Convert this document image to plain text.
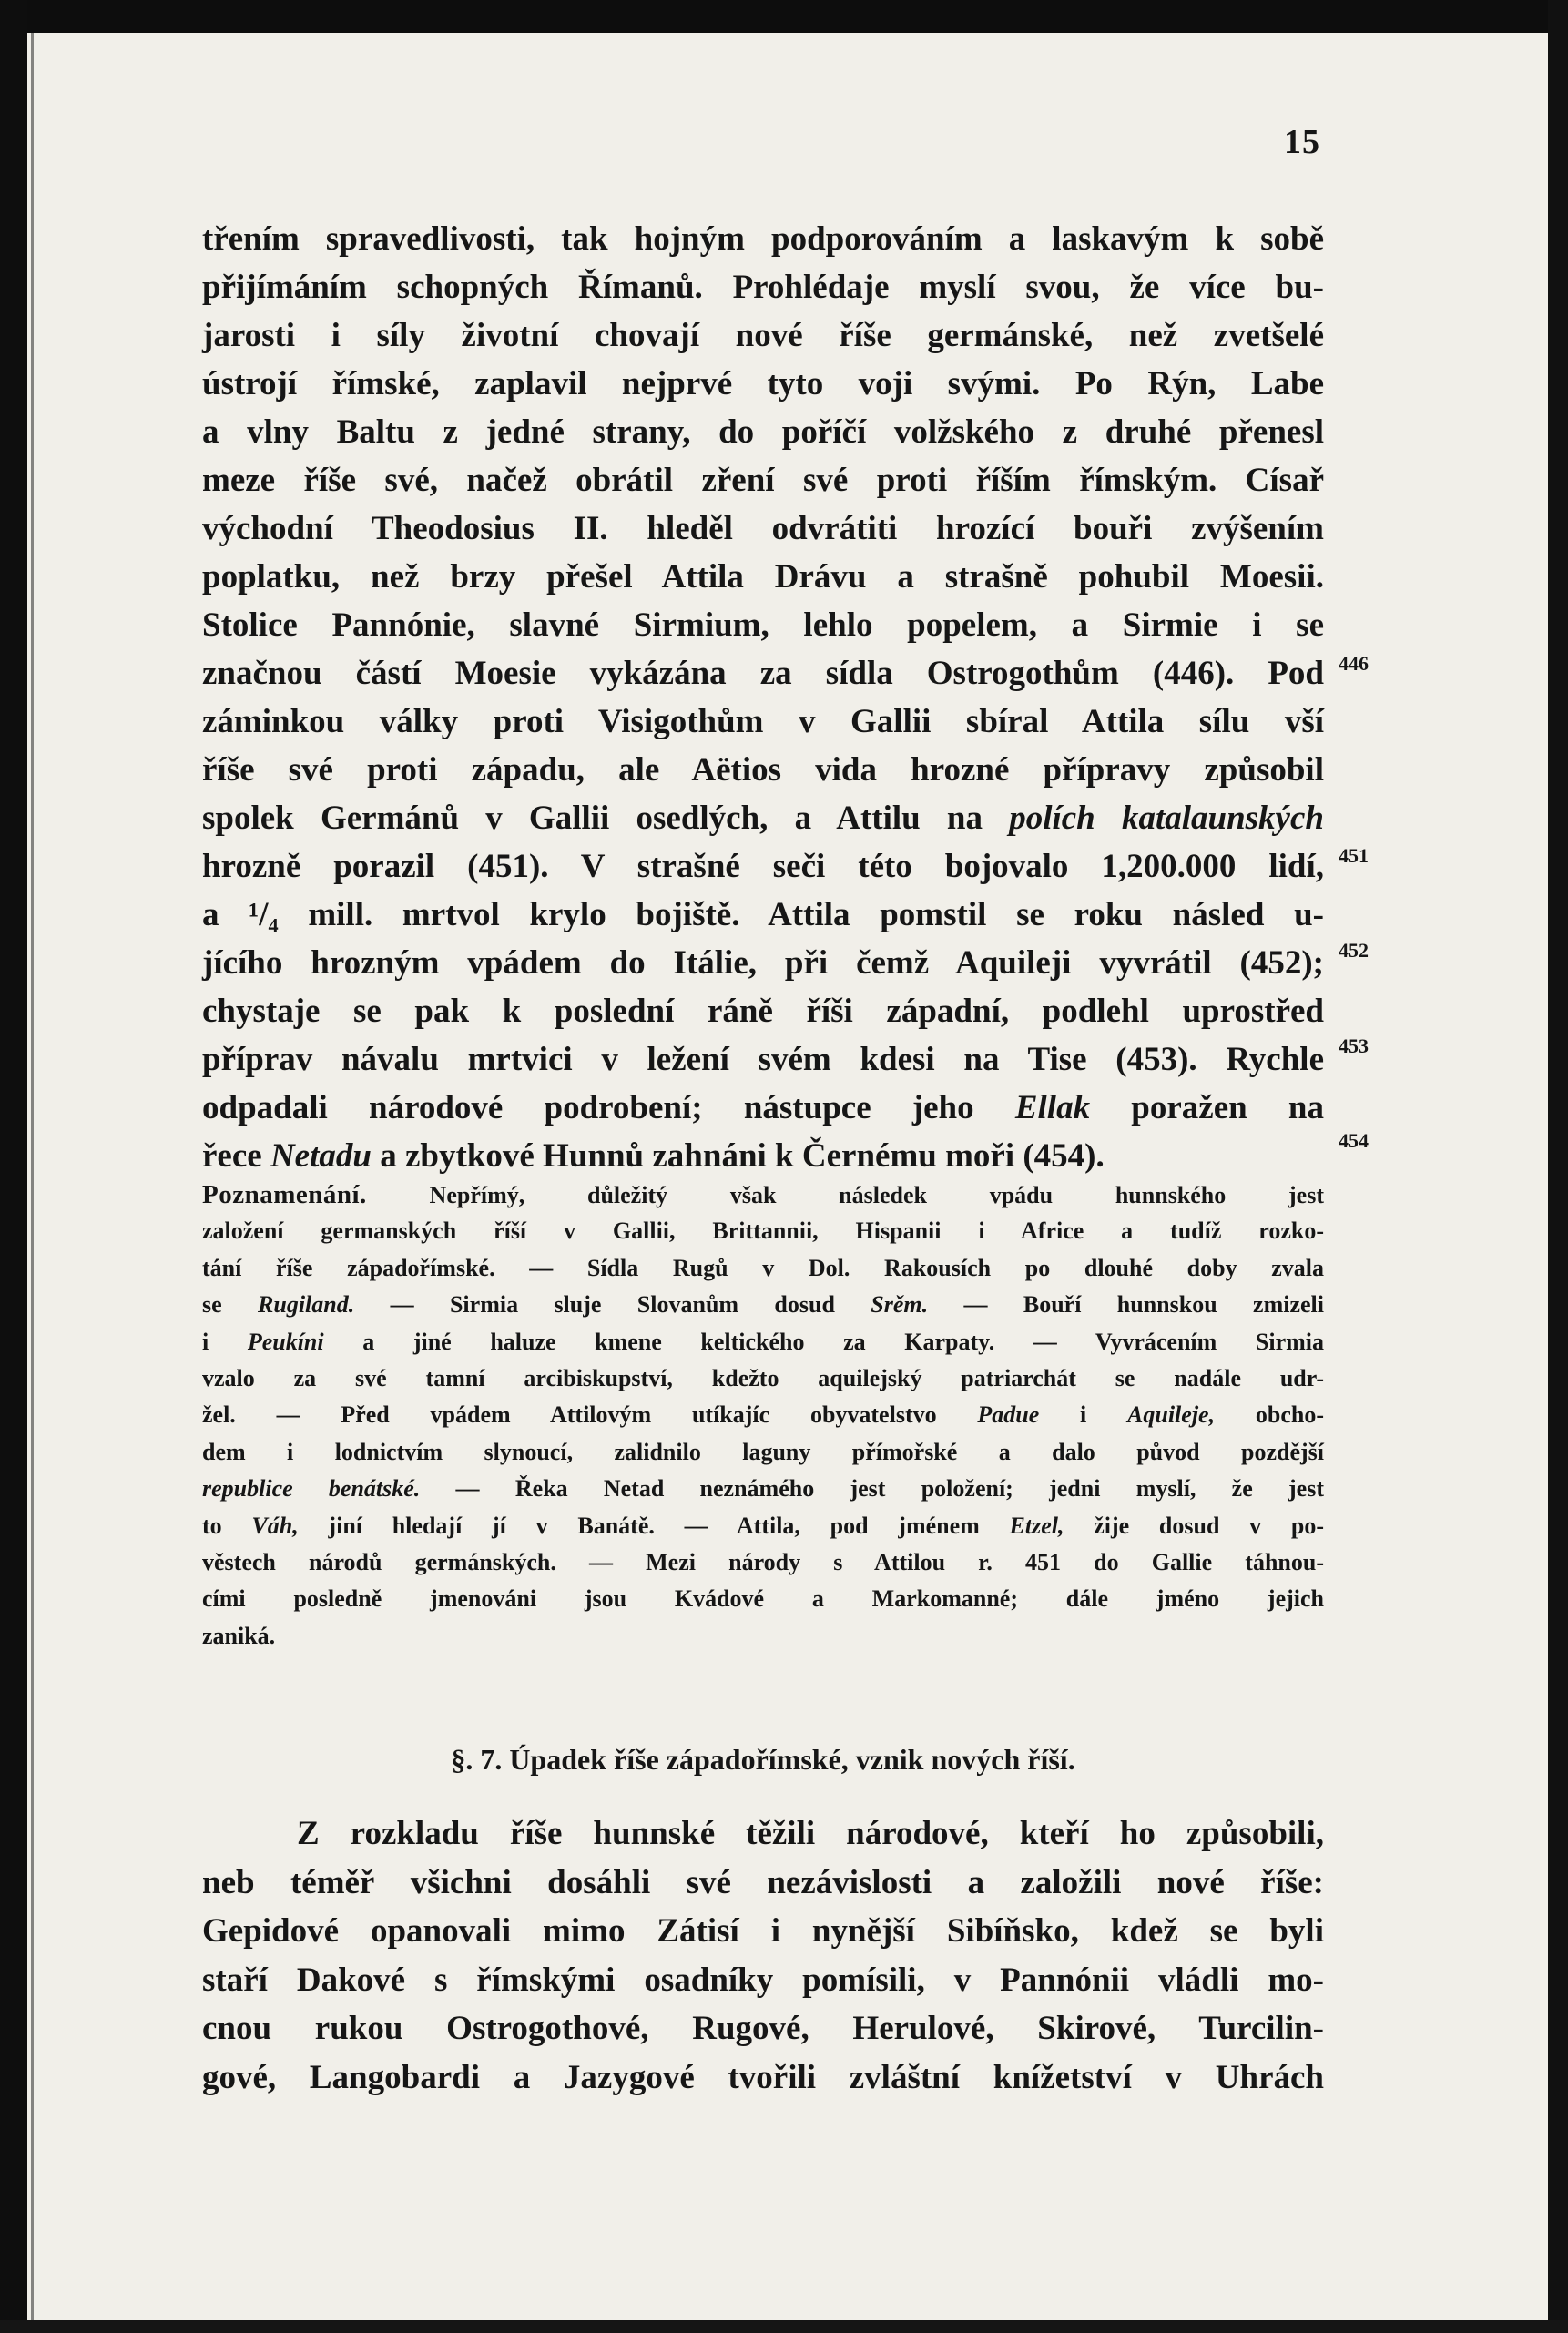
15
třením spravedlivosti, tak hojným podporováním a laskavým k sobě
přijímáním schopných Římanů. Prohlédaje myslí svou, že více bu-
jarosti i síly životní chovají nové říše germánské, než zvetšelé
ústrojí římské, zaplavil nejprvé tyto voji svými. Po Rýn, Labe
a vlny Baltu z jedné strany, do poříčí volžského z druhé přenesl
meze říše své, načež obrátil zření své proti říším římským. Císař
východní Theodosius II. hleděl odvrátiti hrozící bouři zvýšením
poplatku, než brzy přešel Attila Drávu a strašně pohubil Moesii.
Stolice Pannónie, slavné Sirmium, lehlo popelem, a Sirmie i se
značnou částí Moesie vykázána za sídla Ostrogothům (446). Pod
záminkou války proti Visigothům v Gallii sbíral Attila sílu vší
říše své proti západu, ale Aëtios vida hrozné přípravy způsobil
spolek Germánů v Gallii osedlých, a Attilu na polích katalaunských
hrozně porazil (451). V strašné seči této bojovalo 1,200.000 lidí,
a ¹/₄ mill. mrtvol krylo bojiště. Attila pomstil se roku násled u-
jícího hrozným vpádem do Itálie, při čemž Aquileji vyvrátil (452);
chystaje se pak k poslední ráně říši západní, podlehl uprostřed
příprav návalu mrtvici v ležení svém kdesi na Tise (453). Rychle
odpadali národové podrobení; nástupce jeho Ellak poražen na
řece Netadu a zbytkové Hunnů zahnáni k Černému moři (454).
446
451
452
453
454
Poznamenání. Nepřímý, důležitý však následek vpádu hunnského jest
založení germanských říší v Gallii, Brittannii, Hispanii i Africe a tudíž rozko-
tání říše západořímské. — Sídla Rugů v Dol. Rakousích po dlouhé doby zvala
se Rugiland. — Sirmia sluje Slovanům dosud Srěm. — Bouří hunnskou zmizeli
i Peukíni a jiné haluze kmene keltického za Karpaty. — Vyvrácením Sirmia
vzalo za své tamní arcibiskupství, kdežto aquilejský patriarchát se nadále udr-
žel. — Před vpádem Attilovým utíkajíc obyvatelstvo Padue i Aquileje, obcho-
dem i lodnictvím slynoucí, zalidnilo laguny přímořské a dalo původ pozdější
republice benátské. — Řeka Netad neznámého jest položení; jedni myslí, že jest
to Váh, jiní hledají jí v Banátě. — Attila, pod jménem Etzel, žije dosud v po-
věstech národů germánských. — Mezi národy s Attilou r. 451 do Gallie táhnou-
cími posledně jmenováni jsou Kvádové a Markomanné; dále jméno jejich
zaniká.
§. 7. Úpadek říše západořímské, vznik nových říší.
Z rozkladu říše hunnské těžili národové, kteří ho způsobili,
neb téměř všichni dosáhli své nezávislosti a založili nové říše:
Gepidové opanovali mimo Zátisí i nynější Sibíňsko, kdež se byli
staří Dakové s římskými osadníky pomísili, v Pannónii vládli mo-
cnou rukou Ostrogothové, Rugové, Herulové, Skirové, Turcilin-
gové, Langobardi a Jazygové tvořili zvláštní knížetství v Uhrách
